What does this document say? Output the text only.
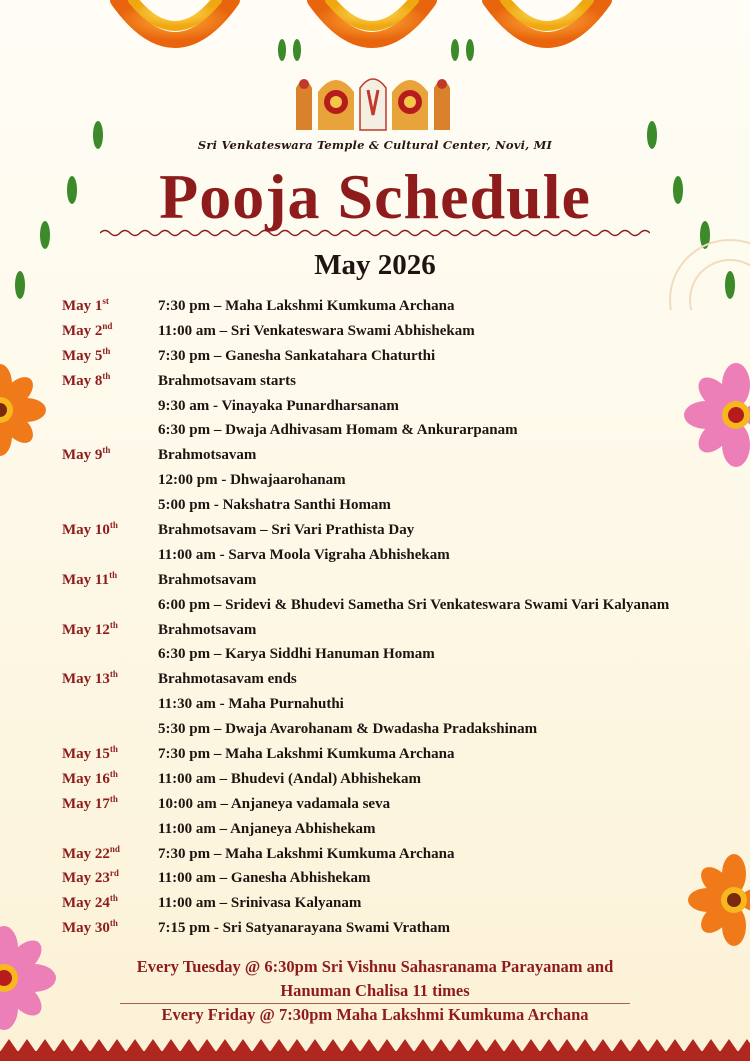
Sri Venkateswara Temple & Cultural Center, Novi, MI
Pooja Schedule
May 2026
May 1st	7:30 pm – Maha Lakshmi Kumkuma Archana
May 2nd	11:00 am – Sri Venkateswara Swami Abhishekam
May 5th	7:30 pm – Ganesha Sankatahara Chaturthi
May 8th	Brahmotsavam starts
9:30 am - Vinayaka Punardharsanam
6:30 pm – Dwaja Adhivasam Homam & Ankurarpanam
May 9th	Brahmotsavam
12:00 pm - Dhwajaarohanam
5:00 pm - Nakshatra Santhi Homam
May 10th	Brahmotsavam – Sri Vari Prathista Day
11:00 am - Sarva Moola Vigraha Abhishekam
May 11th	Brahmotsavam
6:00 pm – Sridevi & Bhudevi Sametha Sri Venkateswara Swami Vari Kalyanam
May 12th	Brahmotsavam
6:30 pm – Karya Siddhi Hanuman Homam
May 13th	Brahmotasavam ends
11:30 am - Maha Purnahuthi
5:30 pm – Dwaja Avarohanam & Dwadasha Pradakshinam
May 15th	7:30 pm – Maha Lakshmi Kumkuma Archana
May 16th	11:00 am – Bhudevi (Andal) Abhishekam
May 17th	10:00 am – Anjaneya vadamala seva
11:00 am – Anjaneya Abhishekam
May 22nd	7:30 pm – Maha Lakshmi Kumkuma Archana
May 23rd	11:00 am – Ganesha Abhishekam
May 24th	11:00 am – Srinivasa Kalyanam
May 30th	7:15 pm - Sri Satyanarayana Swami Vratham
Every Tuesday @ 6:30pm Sri Vishnu Sahasranama Parayanam and
Hanuman Chalisa 11 times
Every Friday @ 7:30pm Maha Lakshmi Kumkuma Archana
